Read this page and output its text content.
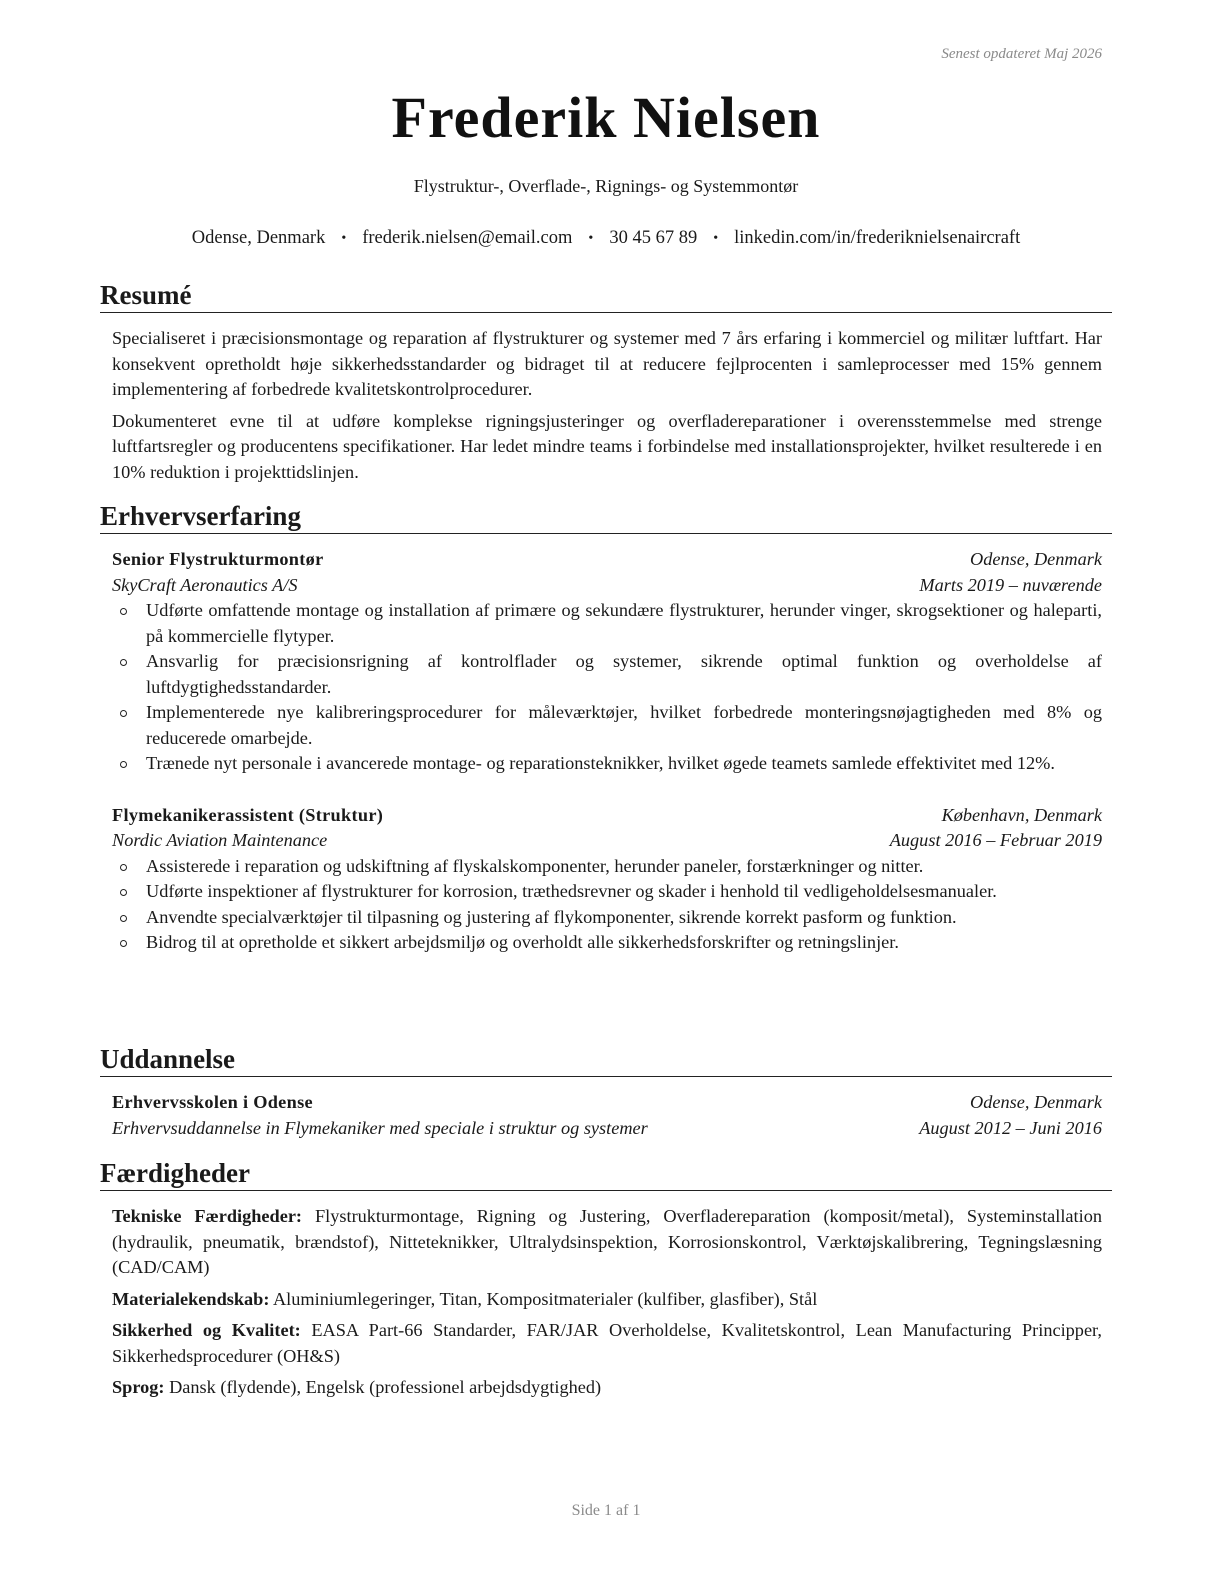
Senest opdateret Maj 2026
Frederik Nielsen
Flystruktur-, Overflade-, Rignings- og Systemmontør
Odense, Denmark • frederik.nielsen@email.com • 30 45 67 89 • linkedin.com/in/frederiknielsenaircraft
Resumé

Specialiseret i præcisionsmontage og reparation af flystrukturer og systemer med 7 års erfaring i kommerciel og militær luftfart. Har konsekvent opretholdt høje sikkerhedsstandarder og bidraget til at reducere fejlprocenten i samleprocesser med 15% gennem implementering af forbedrede kvalitetskontrolprocedurer.

Dokumenteret evne til at udføre komplekse rigningsjusteringer og overfladereparationer i overensstemmelse med strenge luftfartsregler og producentens specifikationer. Har ledet mindre teams i forbindelse med installationsprojekter, hvilket resulterede i en 10% reduktion i projekttidslinjen.

Erhvervserfaring
Senior Flystrukturmontør	Odense, Denmark
SkyCraft Aeronautics A/S	Marts 2019 – nuværende
Udførte omfattende montage og installation af primære og sekundære flystrukturer, herunder vinger, skrogsektioner og haleparti, på kommercielle flytyper.
Ansvarlig for præcisionsrigning af kontrolflader og systemer, sikrende optimal funktion og overholdelse af luftdygtighedsstandarder.
Implementerede nye kalibreringsprocedurer for måleværktøjer, hvilket forbedrede monteringsnøjagtigheden med 8% og reducerede omarbejde.
Trænede nyt personale i avancerede montage- og reparationsteknikker, hvilket øgede teamets samlede effektivitet med 12%.
Flymekanikerassistent (Struktur)	København, Denmark
Nordic Aviation Maintenance	August 2016 – Februar 2019
Assisterede i reparation og udskiftning af flyskalskomponenter, herunder paneler, forstærkninger og nitter.
Udførte inspektioner af flystrukturer for korrosion, træthedsrevner og skader i henhold til vedligeholdelsesmanualer.
Anvendte specialværktøjer til tilpasning og justering af flykomponenter, sikrende korrekt pasform og funktion.
Bidrog til at opretholde et sikkert arbejdsmiljø og overholdt alle sikkerhedsforskrifter og retningslinjer.
Uddannelse
Erhvervsskolen i Odense	Odense, Denmark
Erhvervsuddannelse in Flymekaniker med speciale i struktur og systemer	August 2012 – Juni 2016
Færdigheder

Tekniske Færdigheder: Flystrukturmontage, Rigning og Justering, Overfladereparation (komposit/metal), Systeminstallation (hydraulik, pneumatik, brændstof), Nitteteknikker, Ultralydsinspektion, Korrosionskontrol, Værktøjskalibrering, Tegningslæsning (CAD/CAM)

Materialekendskab: Aluminiumlegeringer, Titan, Kompositmaterialer (kulfiber, glasfiber), Stål

Sikkerhed og Kvalitet: EASA Part-66 Standarder, FAR/JAR Overholdelse, Kvalitetskontrol, Lean Manufacturing Principper, Sikkerhedsprocedurer (OH&S)

Sprog: Dansk (flydende), Engelsk (professionel arbejdsdygtighed)

Side 1 af 1
